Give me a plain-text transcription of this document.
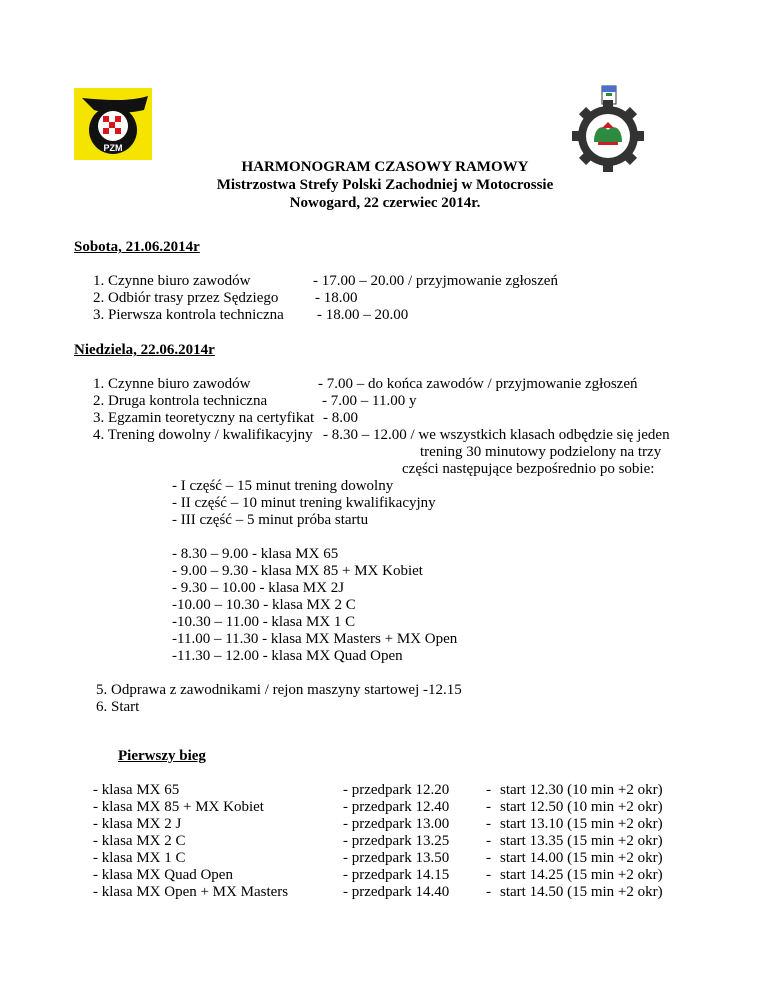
PZM
HARMONOGRAM CZASOWY RAMOWY
Mistrzostwa Strefy Polski Zachodniej w Motocrossie
Nowogard, 22 czerwiec 2014r.
Sobota, 21.06.2014r
1. Czynne biuro zawodów	- 17.00 – 20.00 / przyjmowanie zgłoszeń
2. Odbiór trasy przez Sędziego - 18.00
3. Pierwsza kontrola techniczna - 18.00 – 20.00
Niedziela, 22.06.2014r
1. Czynne biuro zawodów	- 7.00 – do końca zawodów / przyjmowanie zgłoszeń
2. Druga kontrola techniczna	- 7.00 – 11.00 y
3. Egzamin teoretyczny na certyfikat - 8.00
4. Trening dowolny / kwalifikacyjny - 8.30 – 12.00 / we wszystkich klasach odbędzie się jeden
trening 30 minutowy podzielony na trzy
części następujące bezpośrednio po sobie:
- I część – 15 minut trening dowolny
- II część – 10 minut trening kwalifikacyjny
- III część – 5 minut próba startu
- 8.30 – 9.00 - klasa MX 65
- 9.00 – 9.30 - klasa MX 85 + MX Kobiet
- 9.30 – 10.00 - klasa MX 2J
-10.00 – 10.30 - klasa MX 2 C
-10.30 – 11.00 - klasa MX 1 C
-11.00 – 11.30 - klasa MX Masters + MX Open
-11.30 – 12.00 - klasa MX Quad Open
5. Odprawa z zawodnikami / rejon maszyny startowej -12.15
6. Start
Pierwszy bieg
- klasa MX 65	- przedpark 12.20 - start 12.30 (10 min +2 okr)
- klasa MX 85 + MX Kobiet	- przedpark 12.40 - start 12.50 (10 min +2 okr)
- klasa MX 2 J	- przedpark 13.00 - start 13.10 (15 min +2 okr)
- klasa MX 2 C	- przedpark 13.25 - start 13.35 (15 min +2 okr)
- klasa MX 1 C	- przedpark 13.50 - start 14.00 (15 min +2 okr)
- klasa MX Quad Open	- przedpark 14.15 - start 14.25 (15 min +2 okr)
- klasa MX Open + MX Masters	- przedpark 14.40 - start 14.50 (15 min +2 okr)
